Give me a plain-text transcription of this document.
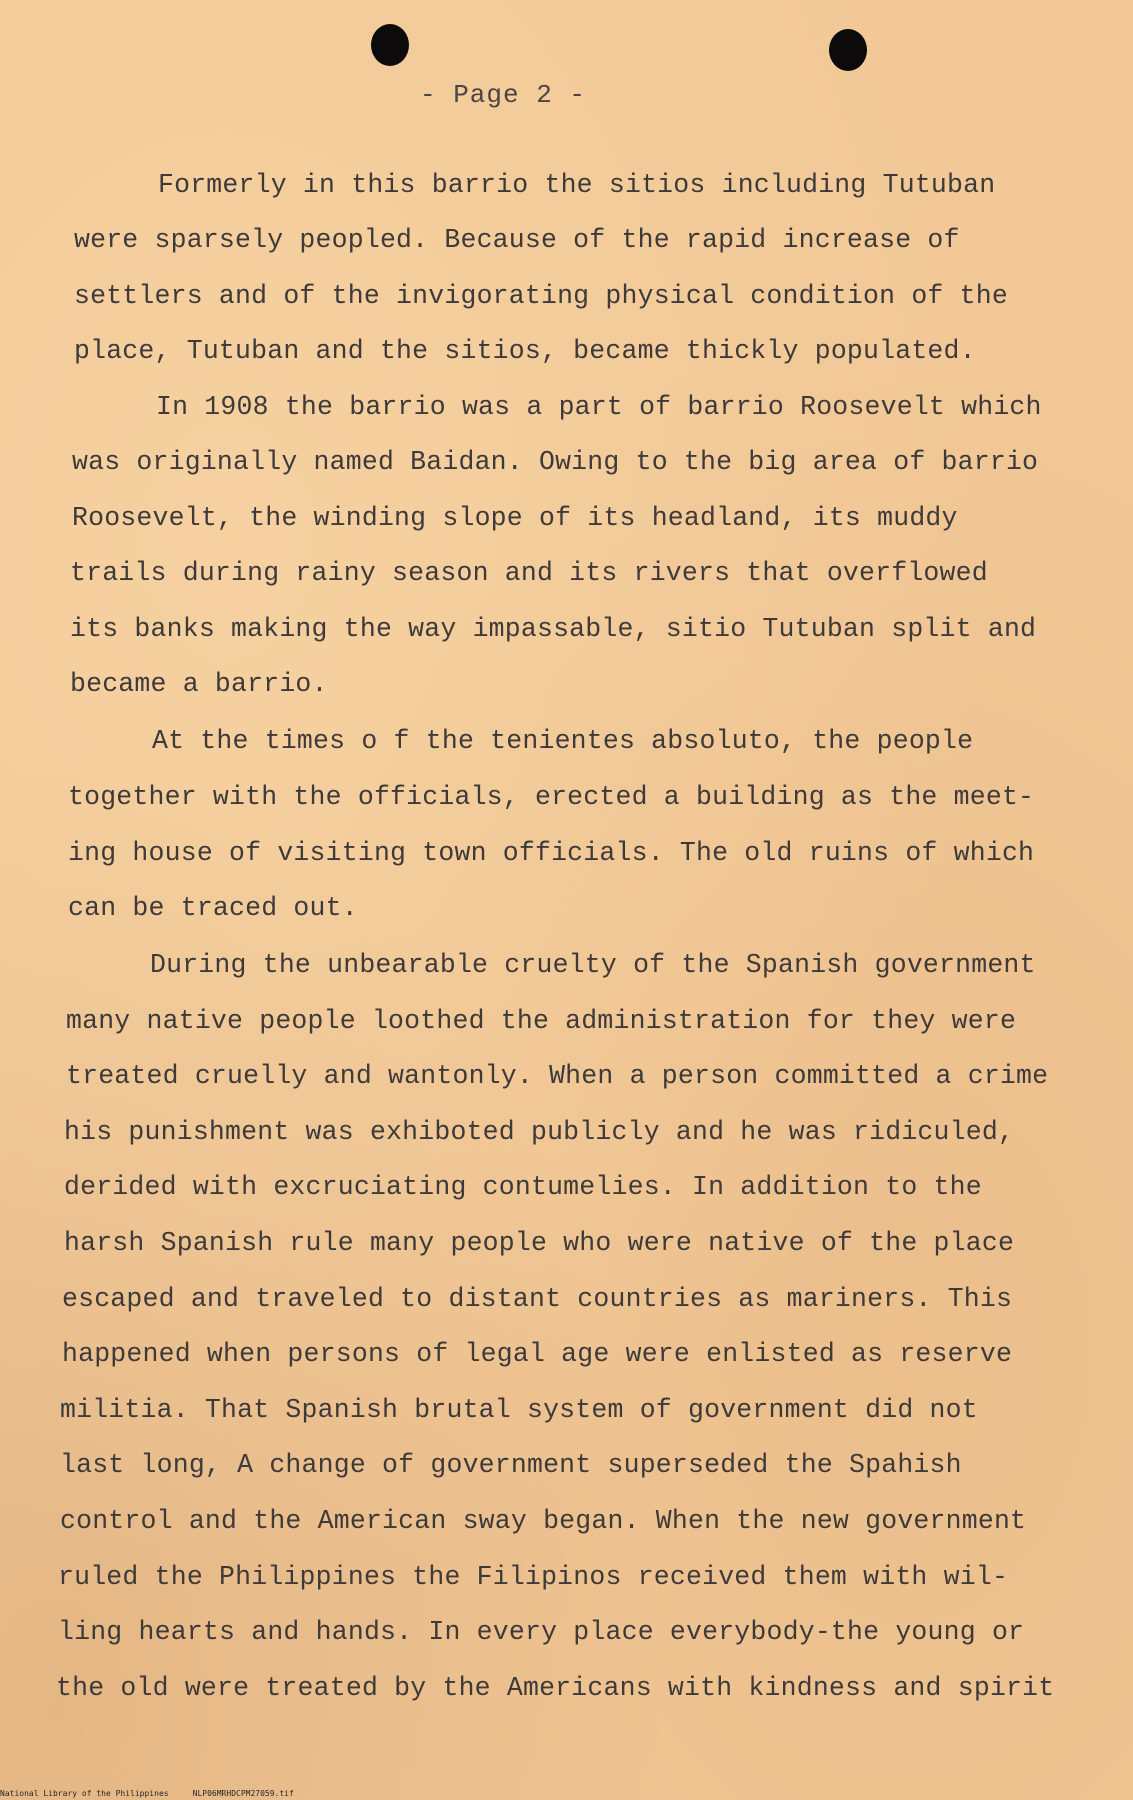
- Page 2 -
Formerly in this barrio the sitios including Tutuban
were sparsely peopled. Because of the rapid increase of
settlers and of the invigorating physical condition of the
place, Tutuban and the sitios, became thickly populated.
In 1908 the barrio was a part of barrio Roosevelt which
was originally named Baidan. Owing to the big area of barrio
Roosevelt, the winding slope of its headland, its muddy
trails during rainy season and its rivers that overflowed
its banks making the way impassable, sitio Tutuban split and
became a barrio.
At the times o f the tenientes absoluto, the people
together with the officials, erected a building as the meet-
ing house of visiting town officials. The old ruins of which
can be traced out.
During the unbearable cruelty of the Spanish government
many native people loothed the administration for they were
treated cruelly and wantonly. When a person committed a crime
his punishment was exhiboted publicly and he was ridiculed,
derided with excruciating contumelies. In addition to the
harsh Spanish rule many people who were native of the place
escaped and traveled to distant countries as mariners. This
happened when persons of legal age were enlisted as reserve
militia. That Spanish brutal system of government did not
last long, A change of government superseded the Spahish
control and the American sway began. When the new government
ruled the Philippines the Filipinos received them with wil-
ling hearts and hands. In every place everybody-the young or
the old were treated by the Americans with kindness and spirit
National Library of the Philippines     NLP06MRHDCPM27059.tif
